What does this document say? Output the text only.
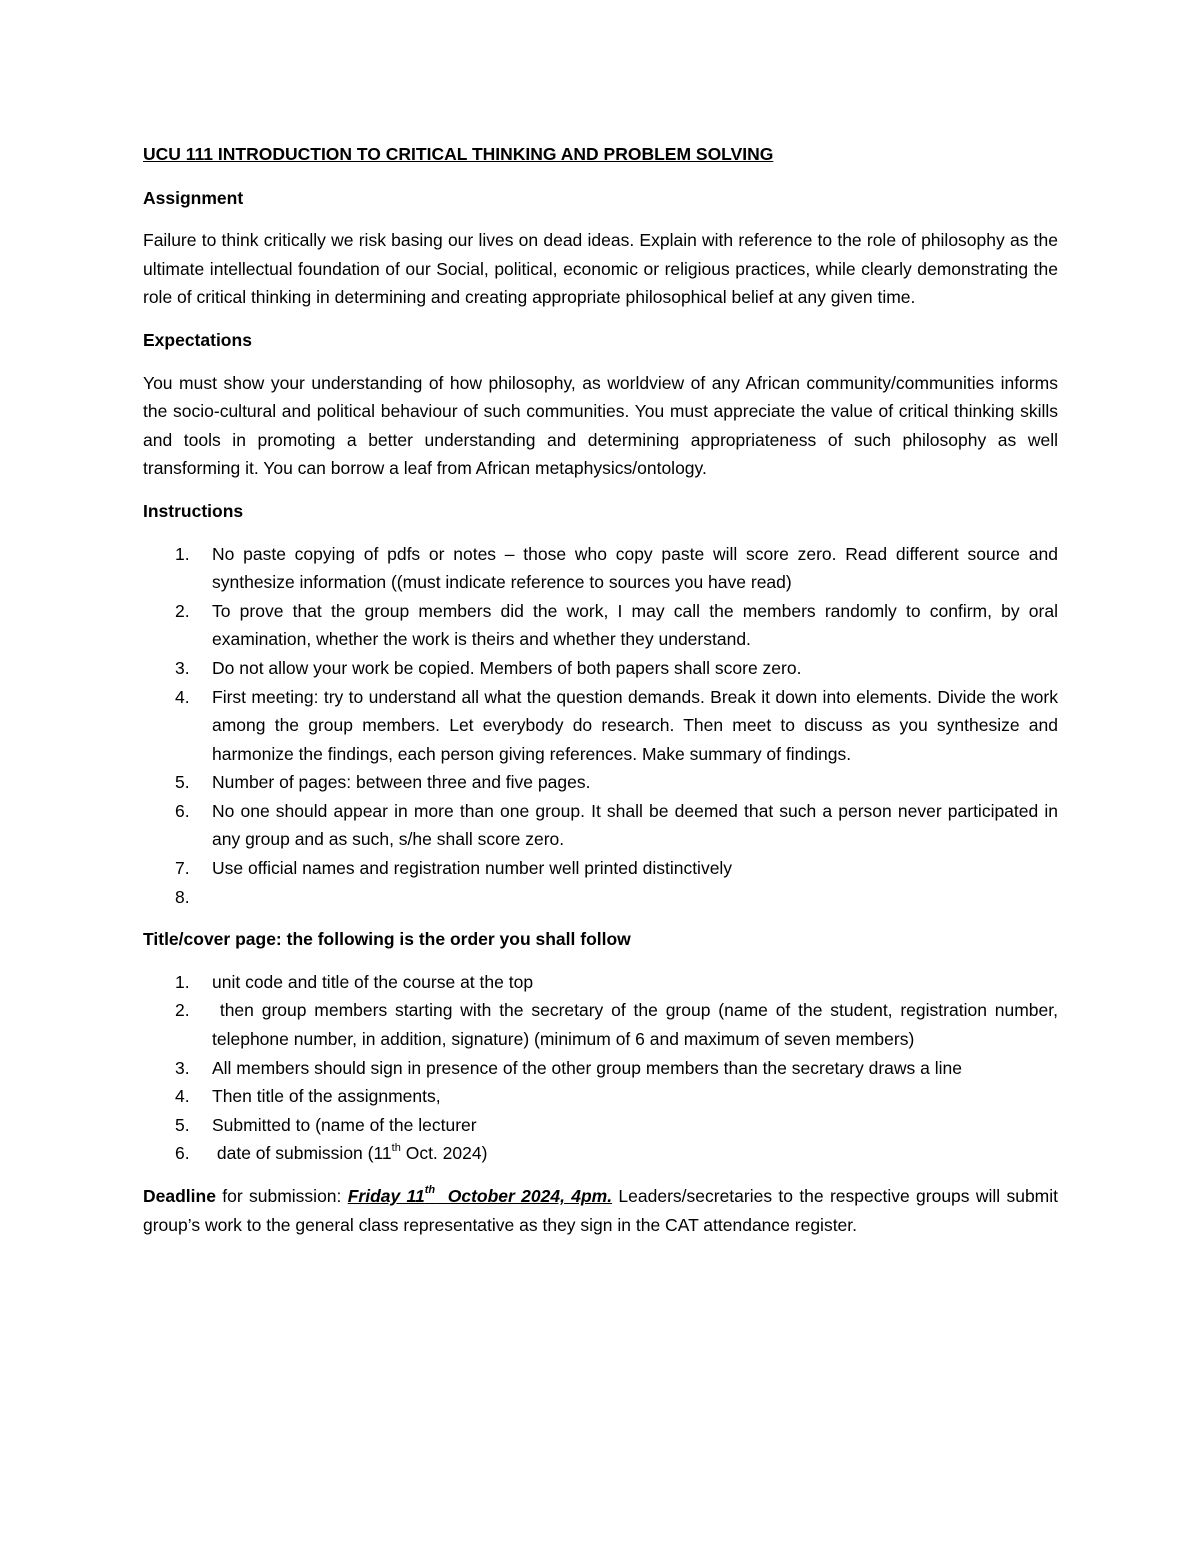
UCU 111 INTRODUCTION TO CRITICAL THINKING AND PROBLEM SOLVING
Assignment

Failure to think critically we risk basing our lives on dead ideas. Explain with reference to the role of philosophy as the ultimate intellectual foundation of our Social, political, economic or religious practices, while clearly demonstrating the role of critical thinking in determining and creating appropriate philosophical belief at any given time.

Expectations

You must show your understanding of how philosophy, as worldview of any African community/communities informs the socio-cultural and political behaviour of such communities. You must appreciate the value of critical thinking skills and tools in promoting a better understanding and determining appropriateness of such philosophy as well transforming it. You can borrow a leaf from African metaphysics/ontology.

Instructions
1. No paste copying of pdfs or notes – those who copy paste will score zero. Read different source and synthesize information ((must indicate reference to sources you have read)
2. To prove that the group members did the work, I may call the members randomly to confirm, by oral examination, whether the work is theirs and whether they understand.
3. Do not allow your work be copied. Members of both papers shall score zero.
4. First meeting: try to understand all what the question demands. Break it down into elements. Divide the work among the group members. Let everybody do research. Then meet to discuss as you synthesize and harmonize the findings, each person giving references. Make summary of findings.
5. Number of pages: between three and five pages.
6. No one should appear in more than one group. It shall be deemed that such a person never participated in any group and as such, s/he shall score zero.
7. Use official names and registration number well printed distinctively
8.

Title/cover page: the following is the order you shall follow
1. unit code and title of the course at the top
2. then group members starting with the secretary of the group (name of the student, registration number, telephone number, in addition, signature) (minimum of 6 and maximum of seven members)
3. All members should sign in presence of the other group members than the secretary draws a line
4. Then title of the assignments,
5. Submitted to (name of the lecturer
6. date of submission (11th Oct. 2024)

Deadline for submission: Friday 11th  October 2024, 4pm. Leaders/secretaries to the respective groups will submit group’s work to the general class representative as they sign in the CAT attendance register.
